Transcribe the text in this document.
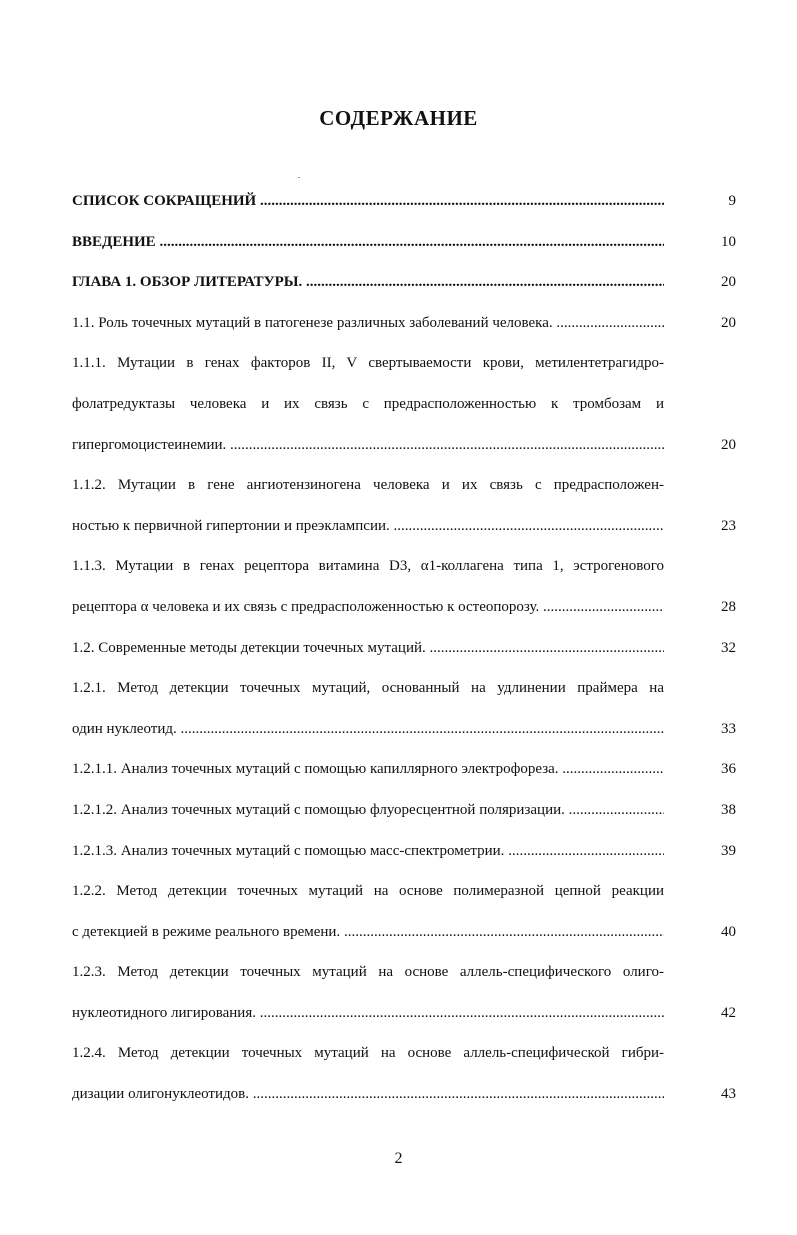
СОДЕРЖАНИЕ
СПИСОК СОКРАЩЕНИЙ .....	9
ВВЕДЕНИЕ .....	10
ГЛАВА 1. ОБЗОР ЛИТЕРАТУРЫ. .....	20
1.1. Роль точечных мутаций в патогенезе различных заболеваний человека. .....	20
1.1.1. Мутации в генах факторов II, V свертываемости крови, метилентетрагидро-
фолатредуктазы человека и их связь с предрасположенностью к тромбозам и
гипергомоцистеинемии. .....	20
1.1.2. Мутации в гене ангиотензиногена человека и их связь с предрасположен-
ностью к первичной гипертонии и преэклампсии. .....	23
1.1.3. Мутации в генах рецептора витамина D3, α1-коллагена типа 1, эстрогенового
рецептора α человека и их связь с предрасположенностью к остеопорозу. .....	28
1.2. Современные методы детекции точечных мутаций. .....	32
1.2.1. Метод детекции точечных мутаций, основанный на удлинении праймера на
один нуклеотид. .....	33
1.2.1.1. Анализ точечных мутаций с помощью капиллярного электрофореза. .....	36
1.2.1.2. Анализ точечных мутаций с помощью флуоресцентной поляризации. .....	38
1.2.1.3. Анализ точечных мутаций с помощью масс-спектрометрии. .....	39
1.2.2. Метод детекции точечных мутаций на основе полимеразной цепной реакции
с детекцией в режиме реального времени. .....	40
1.2.3. Метод детекции точечных мутаций на основе аллель-специфического олиго-
нуклеотидного лигирования. .....	42
1.2.4. Метод детекции точечных мутаций на основе аллель-специфической гибри-
дизации олигонуклеотидов. .....	43
2
